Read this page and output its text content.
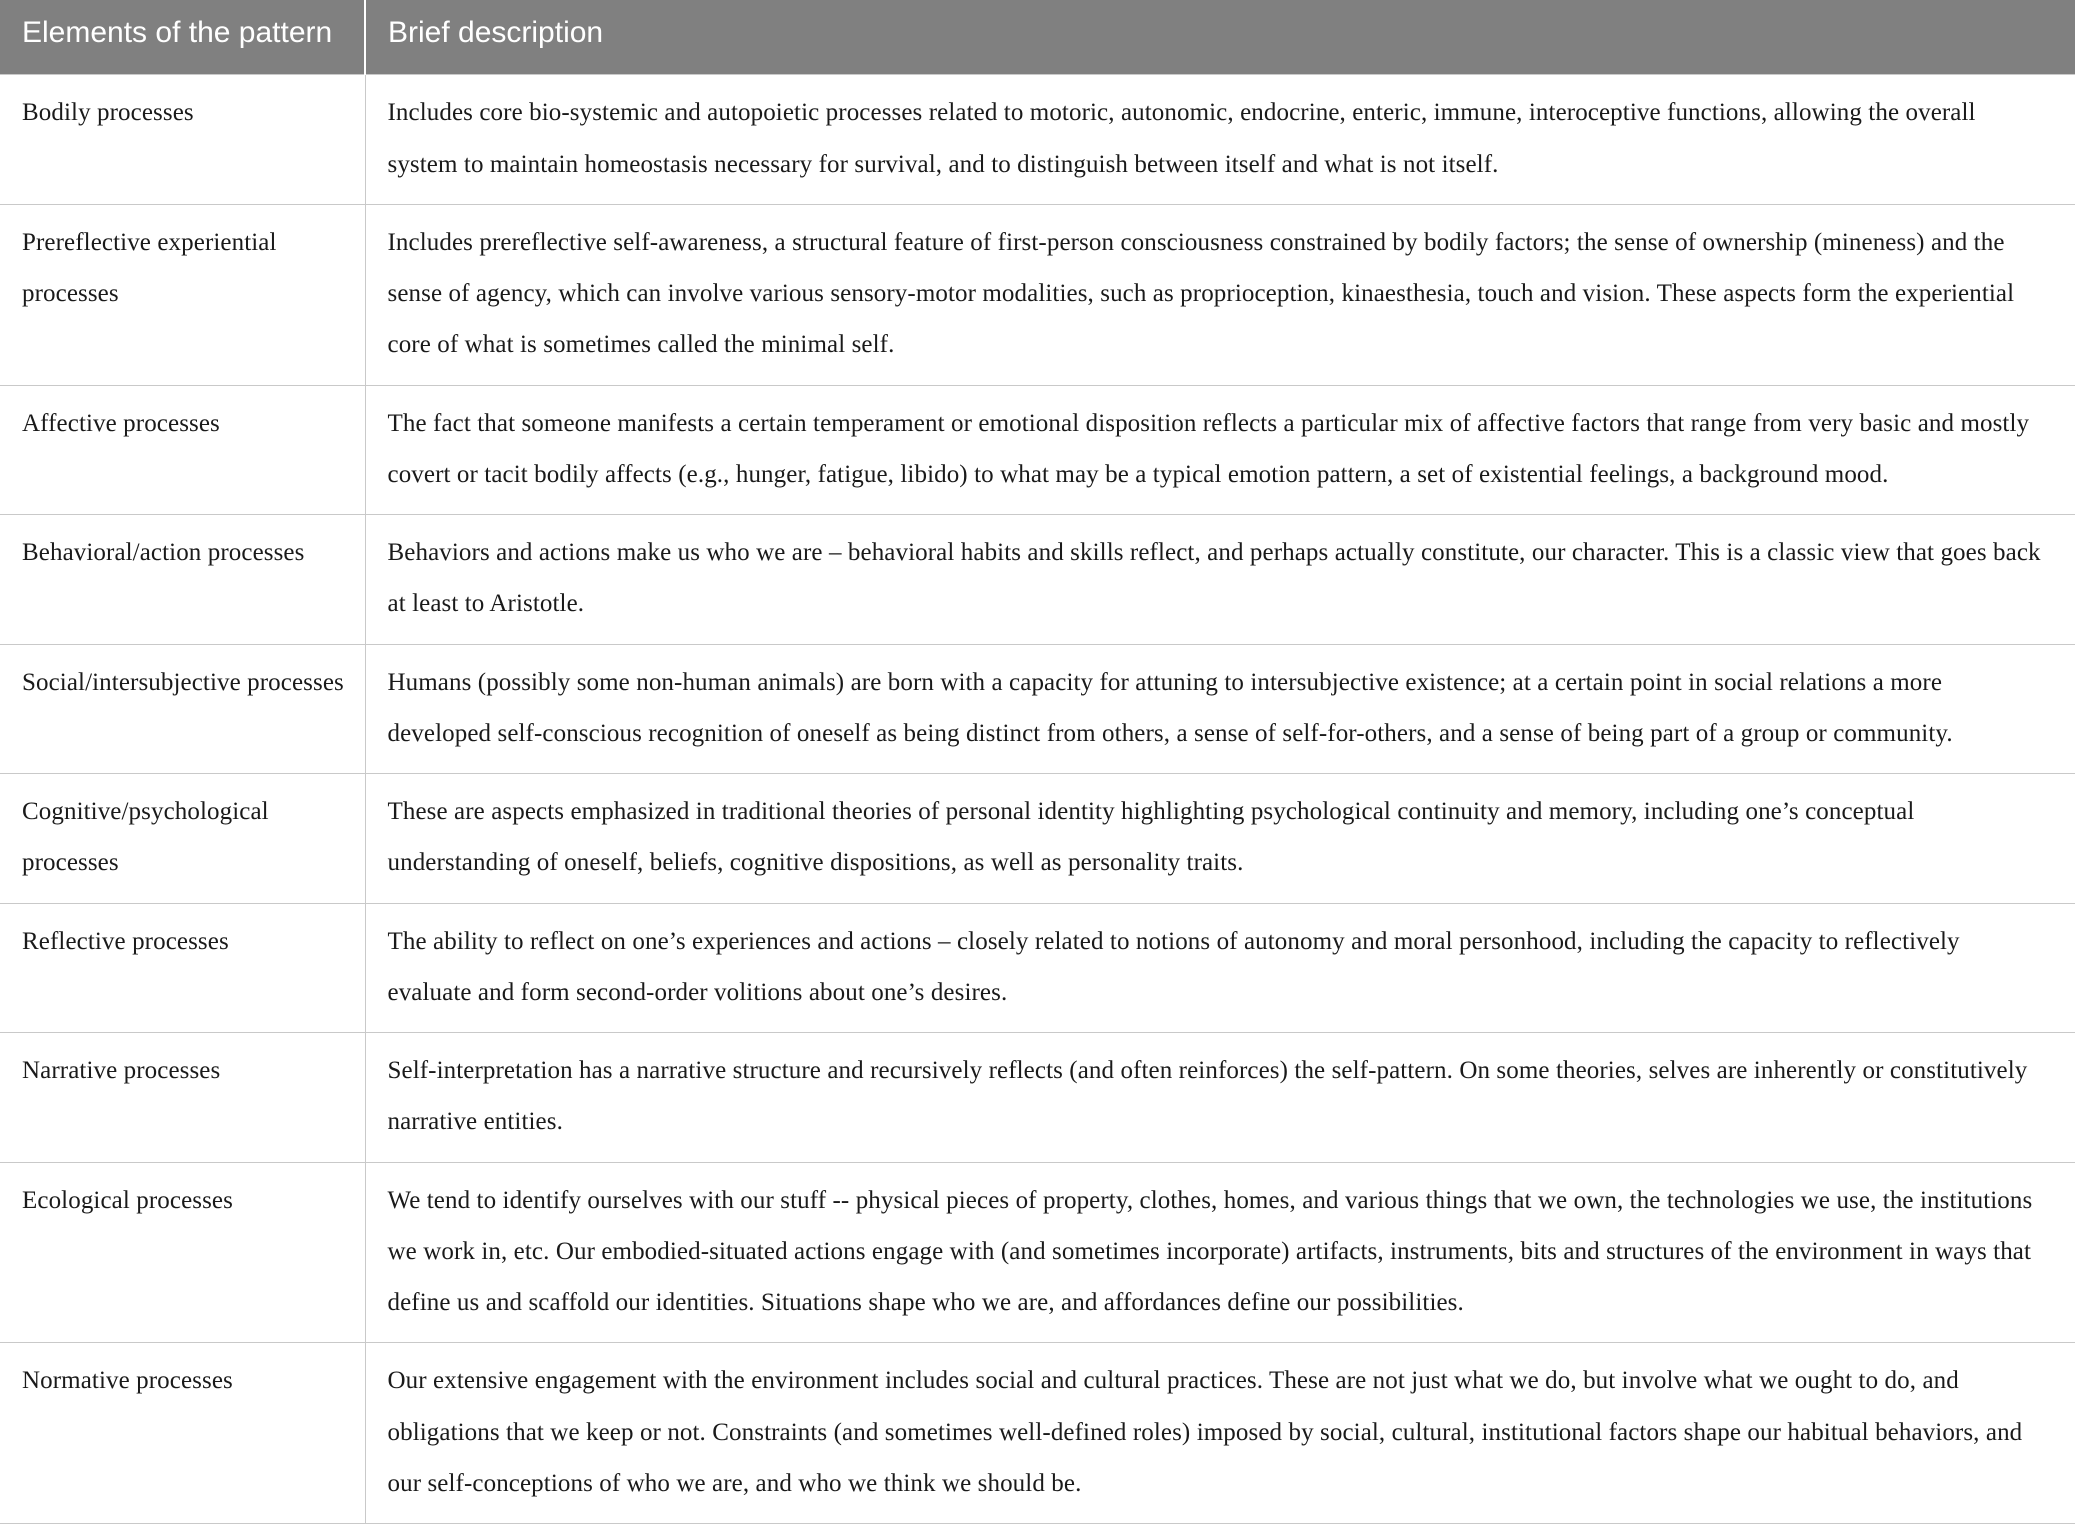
Elements of the pattern	Brief description

Bodily processes	Includes core bio-systemic and autopoietic processes related to motoric, autonomic, endocrine, enteric, immune, interoceptive functions, allowing the overall system to maintain homeostasis necessary for survival, and to distinguish between itself and what is not itself.

Prereflective experiential processes	Includes prereflective self-awareness, a structural feature of first-person consciousness constrained by bodily factors; the sense of ownership (mineness) and the sense of agency, which can involve various sensory-motor modalities, such as proprioception, kinaesthesia, touch and vision. These aspects form the experiential core of what is sometimes called the minimal self.

Affective processes	The fact that someone manifests a certain temperament or emotional disposition reflects a particular mix of affective factors that range from very basic and mostly covert or tacit bodily affects (e.g., hunger, fatigue, libido) to what may be a typical emotion pattern, a set of existential feelings, a background mood.

Behavioral/action processes	Behaviors and actions make us who we are – behavioral habits and skills reflect, and perhaps actually constitute, our character. This is a classic view that goes back at least to Aristotle.

Social/intersubjective processes	Humans (possibly some non-human animals) are born with a capacity for attuning to intersubjective existence; at a certain point in social relations a more developed self-conscious recognition of oneself as being distinct from others, a sense of self-for-others, and a sense of being part of a group or community.

Cognitive/psychological processes	These are aspects emphasized in traditional theories of personal identity highlighting psychological continuity and memory, including one’s conceptual understanding of oneself, beliefs, cognitive dispositions, as well as personality traits.

Reflective processes	The ability to reflect on one’s experiences and actions – closely related to notions of autonomy and moral personhood, including the capacity to reflectively evaluate and form second-order volitions about one’s desires.

Narrative processes	Self-interpretation has a narrative structure and recursively reflects (and often reinforces) the self-pattern. On some theories, selves are inherently or constitutively narrative entities.

Ecological processes	We tend to identify ourselves with our stuff -- physical pieces of property, clothes, homes, and various things that we own, the technologies we use, the institutions we work in, etc. Our embodied-situated actions engage with (and sometimes incorporate) artifacts, instruments, bits and structures of the environment in ways that define us and scaffold our identities. Situations shape who we are, and affordances define our possibilities.

Normative processes	Our extensive engagement with the environment includes social and cultural practices. These are not just what we do, but involve what we ought to do, and obligations that we keep or not. Constraints (and sometimes well-defined roles) imposed by social, cultural, institutional factors shape our habitual behaviors, and our self-conceptions of who we are, and who we think we should be.
